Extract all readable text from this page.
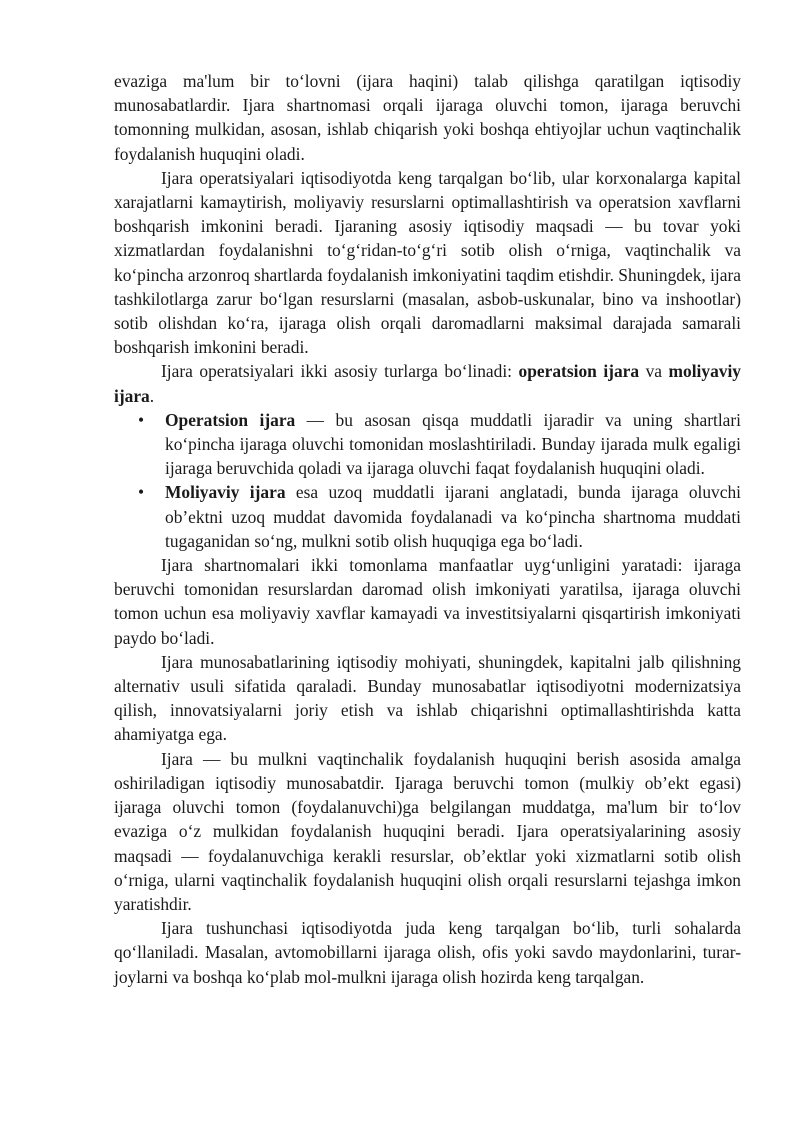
evaziga ma'lum bir to‘lovni (ijara haqini) talab qilishga qaratilgan iqtisodiy munosabatlardir. Ijara shartnomasi orqali ijaraga oluvchi tomon, ijaraga beruvchi tomonning mulkidan, asosan, ishlab chiqarish yoki boshqa ehtiyojlar uchun vaqtinchalik foydalanish huquqini oladi.

Ijara operatsiyalari iqtisodiyotda keng tarqalgan bo‘lib, ular korxonalarga kapital xarajatlarni kamaytirish, moliyaviy resurslarni optimallashtirish va operatsion xavflarni boshqarish imkonini beradi. Ijaraning asosiy iqtisodiy maqsadi — bu tovar yoki xizmatlardan foydalanishni to‘g‘ridan-to‘g‘ri sotib olish o‘rniga, vaqtinchalik va ko‘pincha arzonroq shartlarda foydalanish imkoniyatini taqdim etishdir. Shuningdek, ijara tashkilotlarga zarur bo‘lgan resurslarni (masalan, asbob-uskunalar, bino va inshootlar) sotib olishdan ko‘ra, ijaraga olish orqali daromadlarni maksimal darajada samarali boshqarish imkonini beradi.

Ijara operatsiyalari ikki asosiy turlarga bo‘linadi: operatsion ijara va moliyaviy ijara.

• Operatsion ijara — bu asosan qisqa muddatli ijaradir va uning shartlari ko‘pincha ijaraga oluvchi tomonidan moslashtiriladi. Bunday ijarada mulk egaligi ijaraga beruvchida qoladi va ijaraga oluvchi faqat foydalanish huquqini oladi.
• Moliyaviy ijara esa uzoq muddatli ijarani anglatadi, bunda ijaraga oluvchi ob’ektni uzoq muddat davomida foydalanadi va ko‘pincha shartnoma muddati tugaganidan so‘ng, mulkni sotib olish huquqiga ega bo‘ladi.

Ijara shartnomalari ikki tomonlama manfaatlar uyg‘unligini yaratadi: ijaraga beruvchi tomonidan resurslardan daromad olish imkoniyati yaratilsa, ijaraga oluvchi tomon uchun esa moliyaviy xavflar kamayadi va investitsiyalarni qisqartirish imkoniyati paydo bo‘ladi.

Ijara munosabatlarining iqtisodiy mohiyati, shuningdek, kapitalni jalb qilishning alternativ usuli sifatida qaraladi. Bunday munosabatlar iqtisodiyotni modernizatsiya qilish, innovatsiyalarni joriy etish va ishlab chiqarishni optimallashtirishda katta ahamiyatga ega.

Ijara — bu mulkni vaqtinchalik foydalanish huquqini berish asosida amalga oshiriladigan iqtisodiy munosabatdir. Ijaraga beruvchi tomon (mulkiy ob’ekt egasi) ijaraga oluvchi tomon (foydalanuvchi)ga belgilangan muddatga, ma'lum bir to‘lov evaziga o‘z mulkidan foydalanish huquqini beradi. Ijara operatsiyalarining asosiy maqsadi — foydalanuvchiga kerakli resurslar, ob’ektlar yoki xizmatlarni sotib olish o‘rniga, ularni vaqtinchalik foydalanish huquqini olish orqali resurslarni tejashga imkon yaratishdir.

Ijara tushunchasi iqtisodiyotda juda keng tarqalgan bo‘lib, turli sohalarda qo‘llaniladi. Masalan, avtomobillarni ijaraga olish, ofis yoki savdo maydonlarini, turar-joylarni va boshqa ko‘plab mol-mulkni ijaraga olish hozirda keng tarqalgan.
